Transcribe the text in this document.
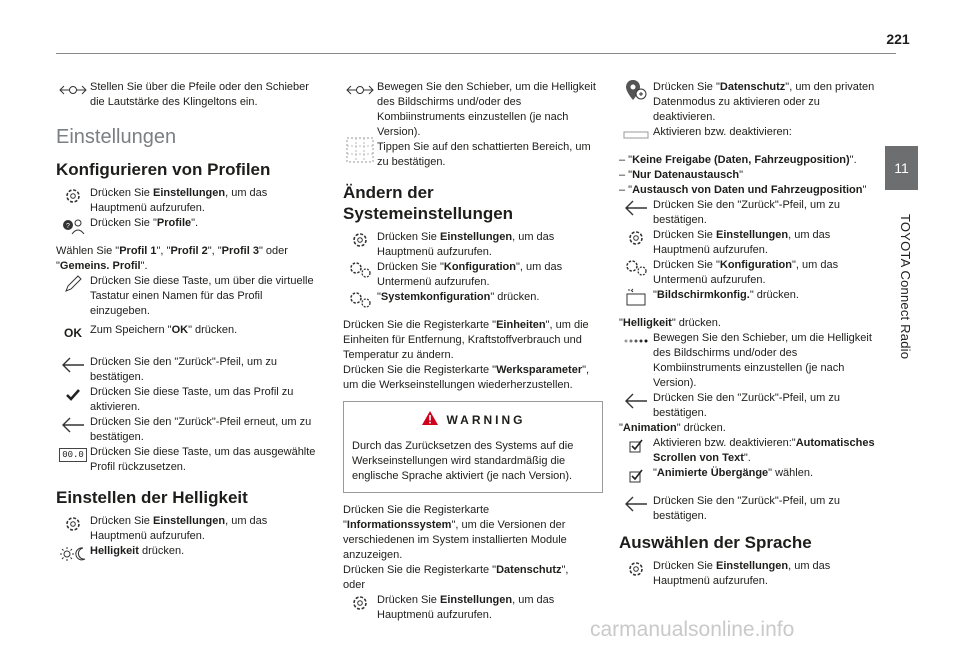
221
11
TOYOTA Connect Radio
Stellen Sie über die Pfeile oder den Schieber die Lautstärke des Klingeltons ein.
Einstellungen
Konfigurieren von Profilen
Drücken Sie Einstellungen, um das Hauptmenü aufzurufen.
? Drücken Sie "Profile".

Wählen Sie "Profil 1", "Profil 2", "Profil 3" oder "Gemeins. Profil".

Drücken Sie diese Taste, um über die virtuelle Tastatur einen Namen für das Profil einzugeben.
OK Zum Speichern "OK" drücken.
Drücken Sie den "Zurück"-Pfeil, um zu bestätigen.
Drücken Sie diese Taste, um das Profil zu aktivieren.
Drücken Sie den "Zurück"-Pfeil erneut, um zu bestätigen.
00.0 Drücken Sie diese Taste, um das ausgewählte Profil rückzusetzen.
Einstellen der Helligkeit
Drücken Sie Einstellungen, um das Hauptmenü aufzurufen.
Helligkeit drücken.
Bewegen Sie den Schieber, um die Helligkeit des Bildschirms und/oder des Kombiinstruments einzustellen (je nach Version).
Tippen Sie auf den schattierten Bereich, um zu bestätigen.
Ändern der Systemeinstellungen
Drücken Sie Einstellungen, um das Hauptmenü aufzurufen.
Drücken Sie "Konfiguration", um das Untermenü aufzurufen.
"Systemkonfiguration" drücken.

Drücken Sie die Registerkarte "Einheiten", um die Einheiten für Entfernung, Kraftstoffverbrauch und Temperatur zu ändern.

Drücken Sie die Registerkarte "Werksparameter", um die Werkseinstellungen wiederherzustellen.

WARNING
Durch das Zurücksetzen des Systems auf die Werkseinstellungen wird standardmäßig die englische Sprache aktiviert (je nach Version).

Drücken Sie die Registerkarte "Informationssystem", um die Versionen der verschiedenen im System installierten Module anzuzeigen.

Drücken Sie die Registerkarte "Datenschutz",

oder

Drücken Sie Einstellungen, um das Hauptmenü aufzurufen.
Drücken Sie "Datenschutz", um den privaten Datenmodus zu aktivieren oder zu deaktivieren.
Aktivieren bzw. deaktivieren:

– "Keine Freigabe (Daten, Fahrzeugposition)".

– "Nur Datenaustausch"

– "Austausch von Daten und Fahrzeugposition"

Drücken Sie den "Zurück"-Pfeil, um zu bestätigen.
Drücken Sie Einstellungen, um das Hauptmenü aufzurufen.
Drücken Sie "Konfiguration", um das Untermenü aufzurufen.
"Bildschirmkonfig." drücken.

"Helligkeit" drücken.

Bewegen Sie den Schieber, um die Helligkeit des Bildschirms und/oder des Kombiinstruments einzustellen (je nach Version).
Drücken Sie den "Zurück"-Pfeil, um zu bestätigen.

"Animation" drücken.

Aktivieren bzw. deaktivieren:"Automatisches Scrollen von Text".
"Animierte Übergänge" wählen.
Drücken Sie den "Zurück"-Pfeil, um zu bestätigen.
Auswählen der Sprache
Drücken Sie Einstellungen, um das Hauptmenü aufzurufen.
carmanualsonline.info
